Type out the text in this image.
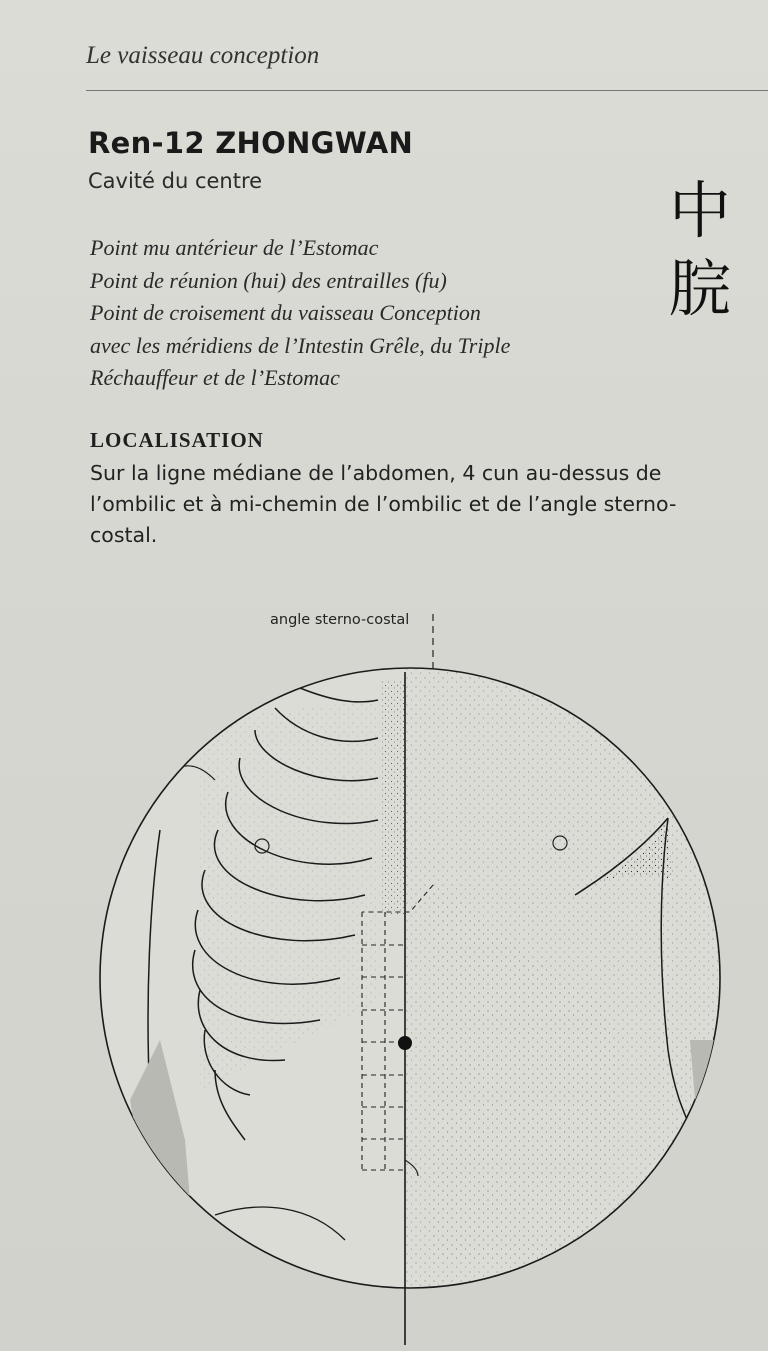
Le vaisseau conception
Ren-12 ZHONGWAN
Cavité du centre	中
脘
Point mu antérieur de l’Estomac
Point de réunion (hui) des entrailles (fu)
Point de croisement du vaisseau Conception
avec les méridiens de l’Intestin Grêle, du Triple
Réchauffeur et de l’Estomac
LOCALISATION
Sur la ligne médiane de l’abdomen, 4 cun au-dessus de
l’ombilic et à mi-chemin de l’ombilic et de l’angle sterno-
costal.
angle sterno-costal
